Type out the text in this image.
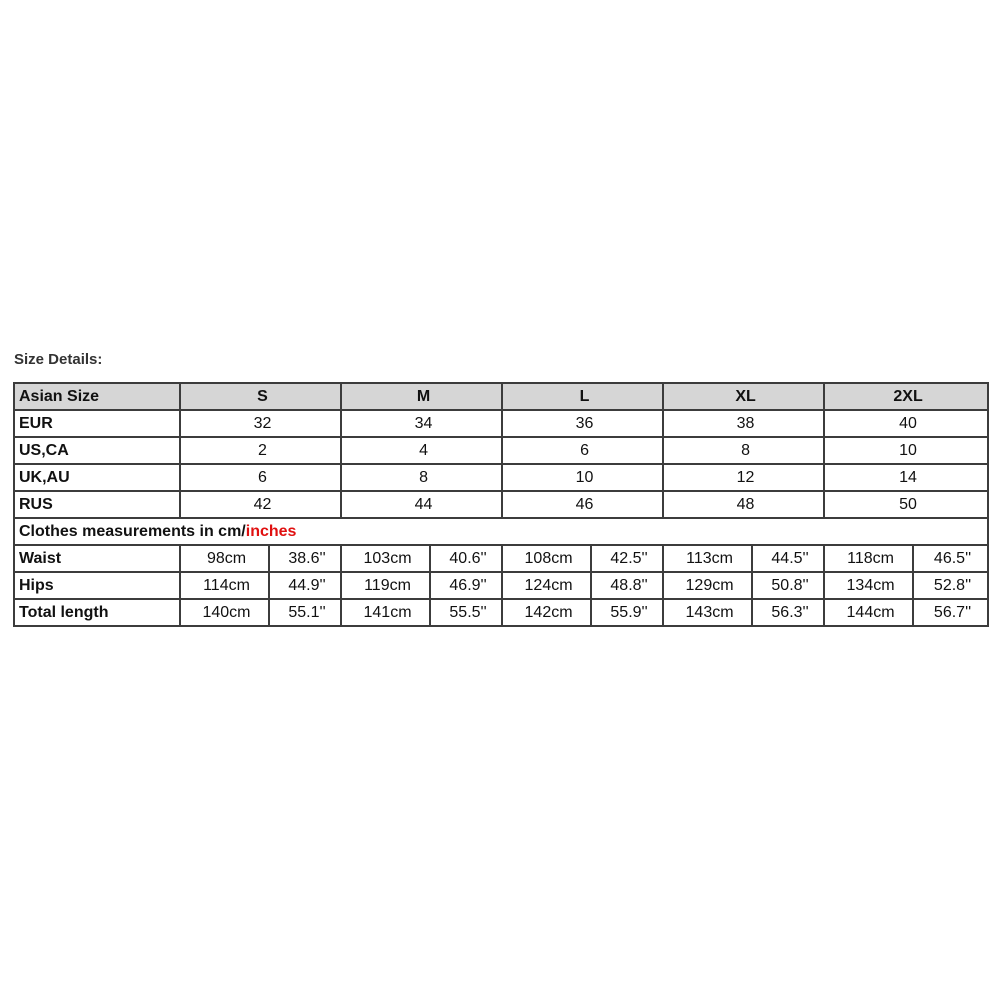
Size Details:
Asian Size	S		M		L		XL		2XL	
EUR	32		34		36		38		40	
US,CA	2		4		6		8		10	
UK,AU	6		8		10		12		14	
RUS	42		44		46		48		50	
Clothes measurements in cm/inches										
Waist	98cm	38.6''	103cm	40.6''	108cm	42.5''	113cm	44.5''	118cm	46.5''
Hips	114cm	44.9''	119cm	46.9''	124cm	48.8''	129cm	50.8''	134cm	52.8''
Total length	140cm	55.1''	141cm	55.5''	142cm	55.9''	143cm	56.3''	144cm	56.7''
